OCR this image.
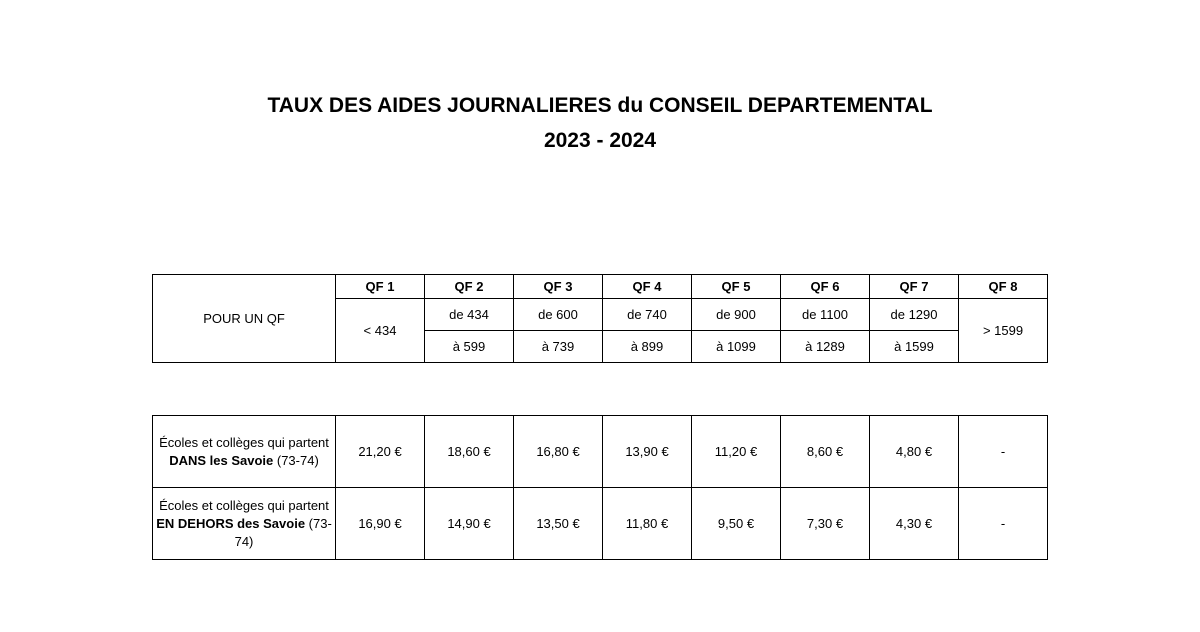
TAUX DES AIDES JOURNALIERES du CONSEIL DEPARTEMENTAL
2023 - 2024
POUR UN QF	QF 1	QF 2	QF 3	QF 4	QF 5	QF 6	QF 7	QF 8
	< 434	de 434	de 600	de 740	de 900	de 1100	de 1290	> 1599
		à 599	à 739	à 899	à 1099	à 1289	à 1599	
Écoles et collèges qui partent DANS les Savoie (73-74)	21,20 €	18,60 €	16,80 €	13,90 €	11,20 €	8,60 €	4,80 €	-
Écoles et collèges qui partent EN DEHORS des Savoie (73-74)	16,90 €	14,90 €	13,50 €	11,80 €	9,50 €	7,30 €	4,30 €	-
